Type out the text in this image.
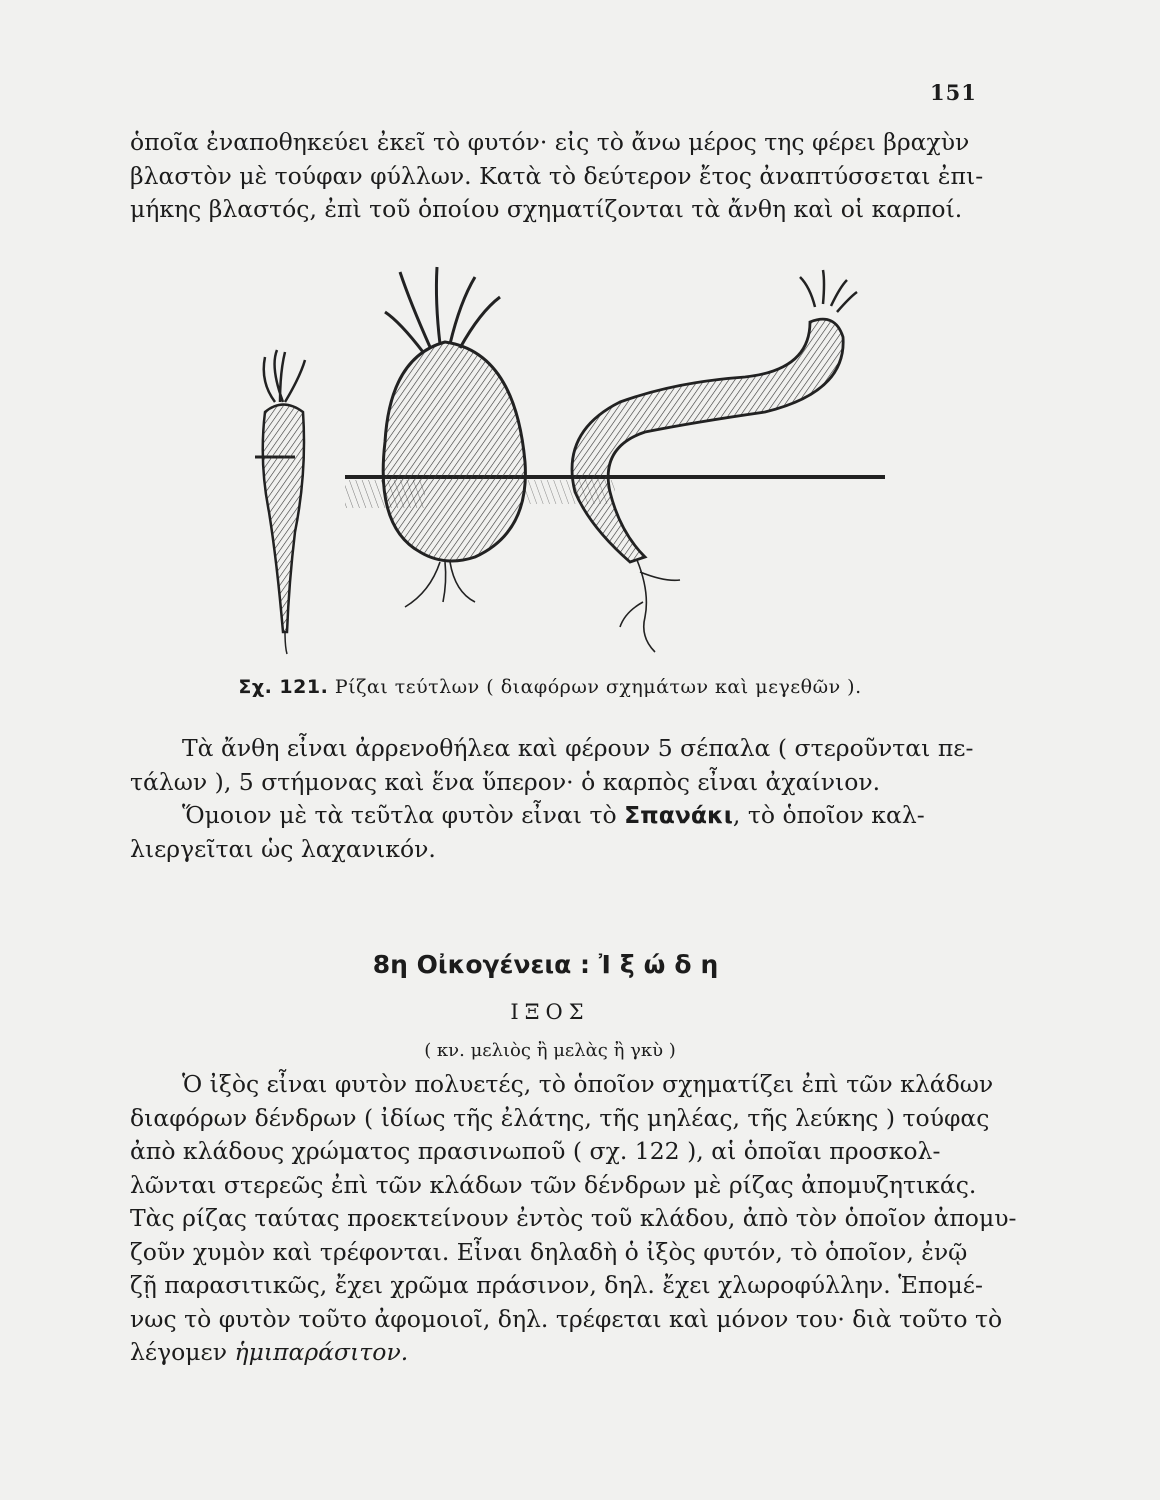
151

ὁποῖα ἐναποθηκεύει ἐκεῖ τὸ φυτόν· εἰς τὸ ἄνω μέρος της φέρει βραχὺν
βλαστὸν μὲ τούφαν φύλλων. Κατὰ τὸ δεύτερον ἔτος ἀναπτύσσεται ἐπι-
μήκης βλαστός, ἐπὶ τοῦ ὁποίου σχηματίζονται τὰ ἄνθη καὶ οἱ καρποί.

Σχ. 121. Ρίζαι τεύτλων ( διαφόρων σχημάτων καὶ μεγεθῶν ).

Τὰ ἄνθη εἶναι ἀρρενοθήλεα καὶ φέρουν 5 σέπαλα ( στεροῦνται πε-
τάλων ), 5 στήμονας καὶ ἕνα ὕπερον· ὁ καρπὸς εἶναι ἀχαίνιον.
Ὅμοιον μὲ τὰ τεῦτλα φυτὸν εἶναι τὸ Σπανάκι, τὸ ὁποῖον καλ-
λιεργεῖται ὡς λαχανικόν.

8η Οἰκογένεια : Ἰξώδη
ΙΞΟΣ
( κν. μελιὸς ἢ μελὰς ἢ γκὺ )

Ὁ ἰξὸς εἶναι φυτὸν πολυετές, τὸ ὁποῖον σχηματίζει ἐπὶ τῶν κλάδων
διαφόρων δένδρων ( ἰδίως τῆς ἐλάτης, τῆς μηλέας, τῆς λεύκης ) τούφας
ἀπὸ κλάδους χρώματος πρασινωποῦ ( σχ. 122 ), αἱ ὁποῖαι προσκολ-
λῶνται στερεῶς ἐπὶ τῶν κλάδων τῶν δένδρων μὲ ρίζας ἀπομυζητικάς.
Τὰς ρίζας ταύτας προεκτείνουν ἐντὸς τοῦ κλάδου, ἀπὸ τὸν ὁποῖον ἀπομυ-
ζοῦν χυμὸν καὶ τρέφονται. Εἶναι δηλαδὴ ὁ ἰξὸς φυτόν, τὸ ὁποῖον, ἐνῷ
ζῇ παρασιτικῶς, ἔχει χρῶμα πράσινον, δηλ. ἔχει χλωροφύλλην. Ἑπομέ-
νως τὸ φυτὸν τοῦτο ἀφομοιοῖ, δηλ. τρέφεται καὶ μόνον του· διὰ τοῦτο τὸ
λέγομεν ἡμιπαράσιτον.
